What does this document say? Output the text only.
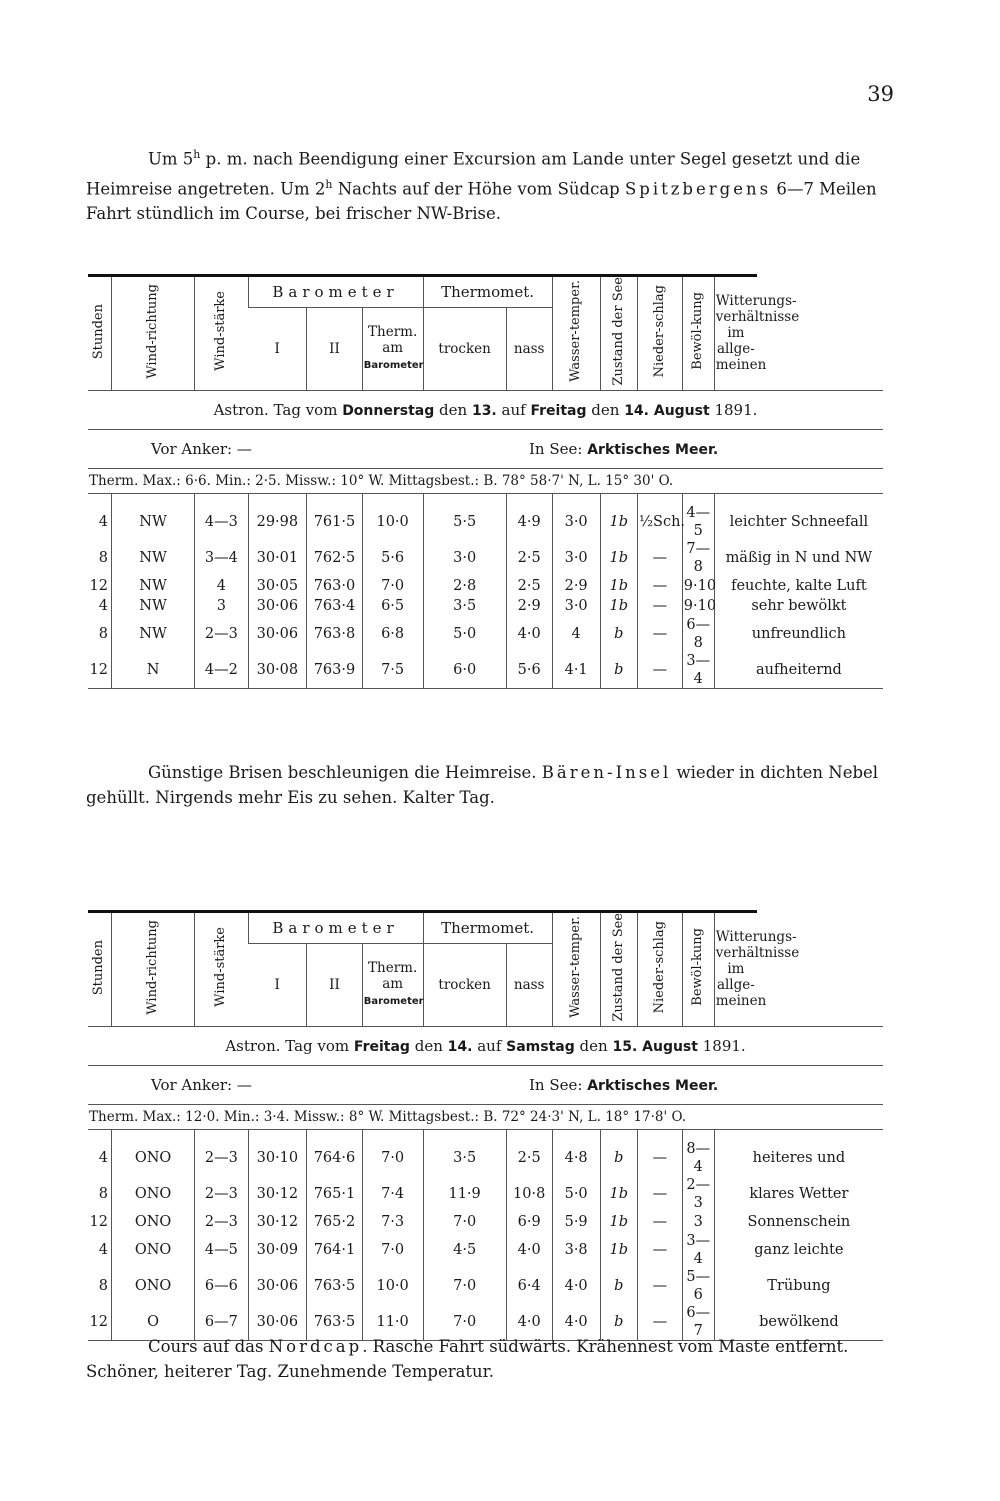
39

Um 5$^h$ p. m. nach Beendigung einer Excursion am Lande unter Segel gesetzt und die Heimreise angetreten. Um 2$^h$ Nachts auf der Höhe vom Südcap Spitzbergens 6—7 Meilen Fahrt stündlich im Course, bei frischer NW-Brise.

Stunden	Wind-richtung	Wind-stärke	Barometer			Thermomet.		Wasser-temper.	Zustand der See	Nieder-schlag	Bewöl-kung	Witterungs-verhältnisse im allge-meinen
			I	II	Therm. am
Barometer	trocken	nass					
Astron. Tag vom Donnerstag den 13. auf Freitag den 14. August 1891.												
Vor Anker: — In See: Arktisches Meer.												
Therm. Max.: 6·6. Min.: 2·5. Missw.: 10° W. Mittagsbest.: B. 78° 58·7' N, L. 15° 30' O.												
4	NW	4—3	29·98	761·5	10·0	5·5	4·9	3·0	1b	½Sch.	4—5	leichter Schneefall
8	NW	3—4	30·01	762·5	5·6	3·0	2·5	3·0	1b	—	7—8	mäßig in N und NW
12	NW	4	30·05	763·0	7·0	2·8	2·5	2·9	1b	—	9·10	feuchte, kalte Luft
4	NW	3	30·06	763·4	6·5	3·5	2·9	3·0	1b	—	9·10	sehr bewölkt
8	NW	2—3	30·06	763·8	6·8	5·0	4·0	4	b	—	6—8	unfreundlich
12	N	4—2	30·08	763·9	7·5	6·0	5·6	4·1	b	—	3—4	aufheiternd

Günstige Brisen beschleunigen die Heimreise. Bären-Insel wieder in dichten Nebel gehüllt. Nirgends mehr Eis zu sehen. Kalter Tag.

Stunden	Wind-richtung	Wind-stärke	Barometer			Thermomet.		Wasser-temper.	Zustand der See	Nieder-schlag	Bewöl-kung	Witterungs-verhältnisse im allge-meinen
			I	II	Therm. am
Barometer	trocken	nass					
Astron. Tag vom Freitag den 14. auf Samstag den 15. August 1891.												
Vor Anker: — In See: Arktisches Meer.												
Therm. Max.: 12·0. Min.: 3·4. Missw.: 8° W. Mittagsbest.: B. 72° 24·3' N, L. 18° 17·8' O.												
4	ONO	2—3	30·10	764·6	7·0	3·5	2·5	4·8	b	—	8—4	heiteres und
8	ONO	2—3	30·12	765·1	7·4	11·9	10·8	5·0	1b	—	2—3	klares Wetter
12	ONO	2—3	30·12	765·2	7·3	7·0	6·9	5·9	1b	—	3	Sonnenschein
4	ONO	4—5	30·09	764·1	7·0	4·5	4·0	3·8	1b	—	3—4	ganz leichte
8	ONO	6—6	30·06	763·5	10·0	7·0	6·4	4·0	b	—	5—6	Trübung
12	O	6—7	30·06	763·5	11·0	7·0	4·0	4·0	b	—	6—7	bewölkend

Cours auf das Nordcap. Rasche Fahrt südwärts. Krähennest vom Maste entfernt. Schöner, heiterer Tag. Zunehmende Temperatur.
